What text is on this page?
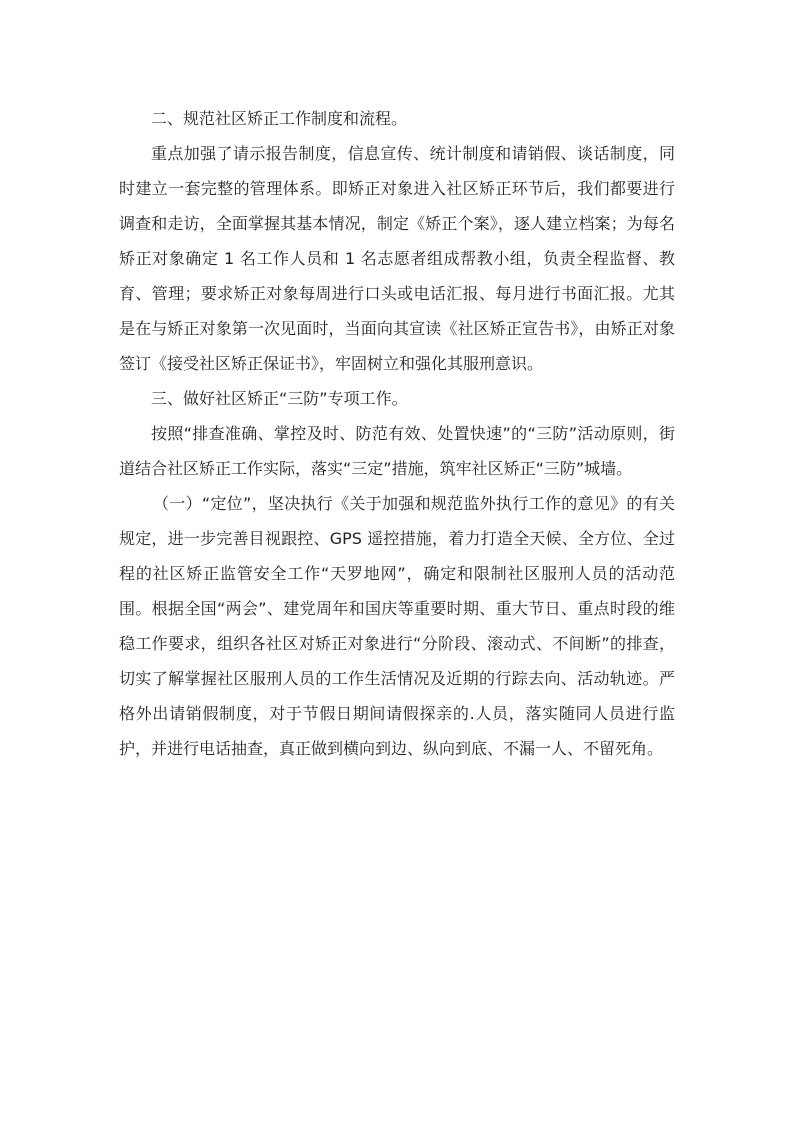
二、规范社区矫正工作制度和流程。

重点加强了请示报告制度，信息宣传、统计制度和请销假、谈话制度，同时建立一套完整的管理体系。即矫正对象进入社区矫正环节后，我们都要进行调查和走访，全面掌握其基本情况，制定《矫正个案》，逐人建立档案；为每名矫正对象确定 1 名工作人员和 1 名志愿者组成帮教小组，负责全程监督、教育、管理；要求矫正对象每周进行口头或电话汇报、每月进行书面汇报。尤其是在与矫正对象第一次见面时，当面向其宣读《社区矫正宣告书》，由矫正对象签订《接受社区矫正保证书》，牢固树立和强化其服刑意识。

三、做好社区矫正“三防”专项工作。

按照“排查准确、掌控及时、防范有效、处置快速”的“三防”活动原则，街道结合社区矫正工作实际，落实“三定”措施，筑牢社区矫正“三防”城墙。

（一）“定位”，坚决执行《关于加强和规范监外执行工作的意见》的有关规定，进一步完善目视跟控、GPS 遥控措施，着力打造全天候、全方位、全过程的社区矫正监管安全工作“天罗地网”，确定和限制社区服刑人员的活动范围。根据全国“两会”、建党周年和国庆等重要时期、重大节日、重点时段的维稳工作要求，组织各社区对矫正对象进行“分阶段、滚动式、不间断”的排查，切实了解掌握社区服刑人员的工作生活情况及近期的行踪去向、活动轨迹。严格外出请销假制度，对于节假日期间请假探亲的.人员，落实随同人员进行监护，并进行电话抽查，真正做到横向到边、纵向到底、不漏一人、不留死角。
